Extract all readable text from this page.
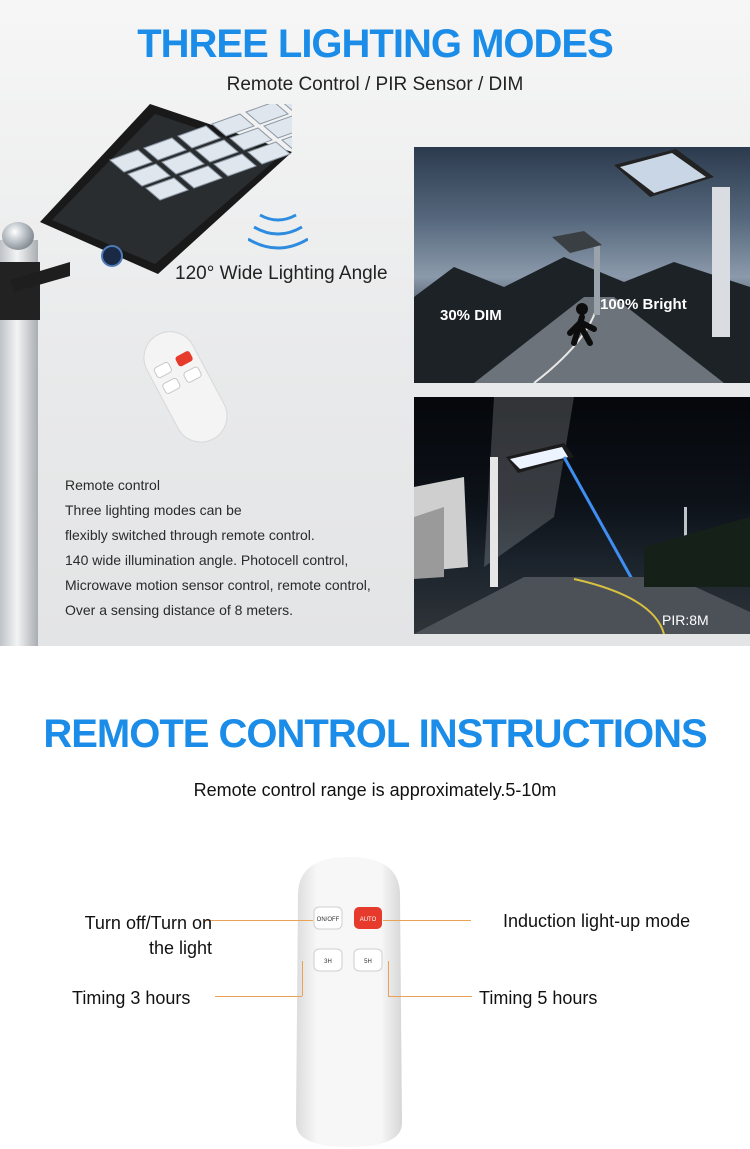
THREE LIGHTING MODES
Remote Control / PIR Sensor / DIM
120° Wide Lighting Angle
Remote control
Three lighting modes can be
flexibly switched through remote control.
140 wide illumination angle. Photocell control,
Microwave motion sensor control, remote control,
Over a sensing distance of 8 meters.
30% DIM
100% Bright
PIR:8M
REMOTE CONTROL INSTRUCTIONS
Remote control range is approximately.5-10m
ON/OFF	AUTO
3H	5H
Turn off/Turn on
the light
Induction light-up mode
Timing 3 hours	Timing 5 hours
